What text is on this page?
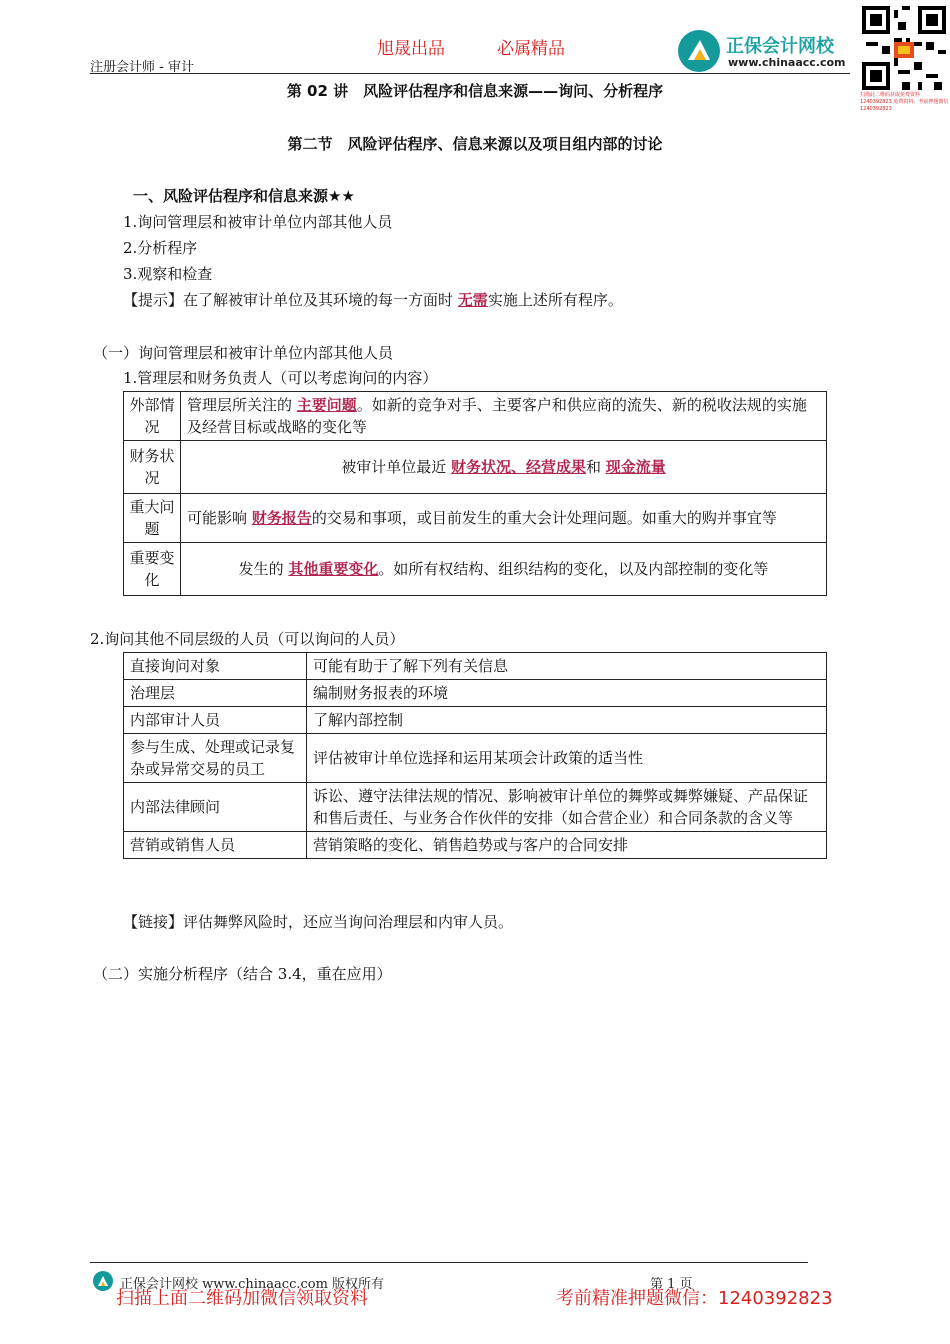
旭晟出品	必属精品
注册会计师 - 审计
正保会计网校
www.chinaacc.com
扫描此二维码获取免费资料 1240392823 免费资料、考前押题微信 1240392823
第 02 讲　风险评估程序和信息来源——询问、分析程序
第二节　风险评估程序、信息来源以及项目组内部的讨论
一、风险评估程序和信息来源★★
1.询问管理层和被审计单位内部其他人员
2.分析程序
3.观察和检查
【提示】在了解被审计单位及其环境的每一方面时 无需实施上述所有程序。
（一）询问管理层和被审计单位内部其他人员
1.管理层和财务负责人（可以考虑询问的内容）
外部情况	管理层所关注的 主要问题。如新的竞争对手、主要客户和供应商的流失、新的税收法规的实施及经营目标或战略的变化等
财务状况	被审计单位最近 财务状况、经营成果和 现金流量
重大问题	可能影响 财务报告的交易和事项，或目前发生的重大会计处理问题。如重大的购并事宜等
重要变化	发生的 其他重要变化。如所有权结构、组织结构的变化，以及内部控制的变化等
2.询问其他不同层级的人员（可以询问的人员）
直接询问对象	可能有助于了解下列有关信息
治理层	编制财务报表的环境
内部审计人员	了解内部控制
参与生成、处理或记录复杂或异常交易的员工	评估被审计单位选择和运用某项会计政策的适当性
内部法律顾问	诉讼、遵守法律法规的情况、影响被审计单位的舞弊或舞弊嫌疑、产品保证和售后责任、与业务合作伙伴的安排（如合营企业）和合同条款的含义等
营销或销售人员	营销策略的变化、销售趋势或与客户的合同安排
【链接】评估舞弊风险时，还应当询问治理层和内审人员。
（二）实施分析程序（结合 3.4，重在应用）
正保会计网校 www.chinaacc.com 版权所有	第 1 页
扫描上面二维码加微信领取资料	考前精准押题微信：1240392823
